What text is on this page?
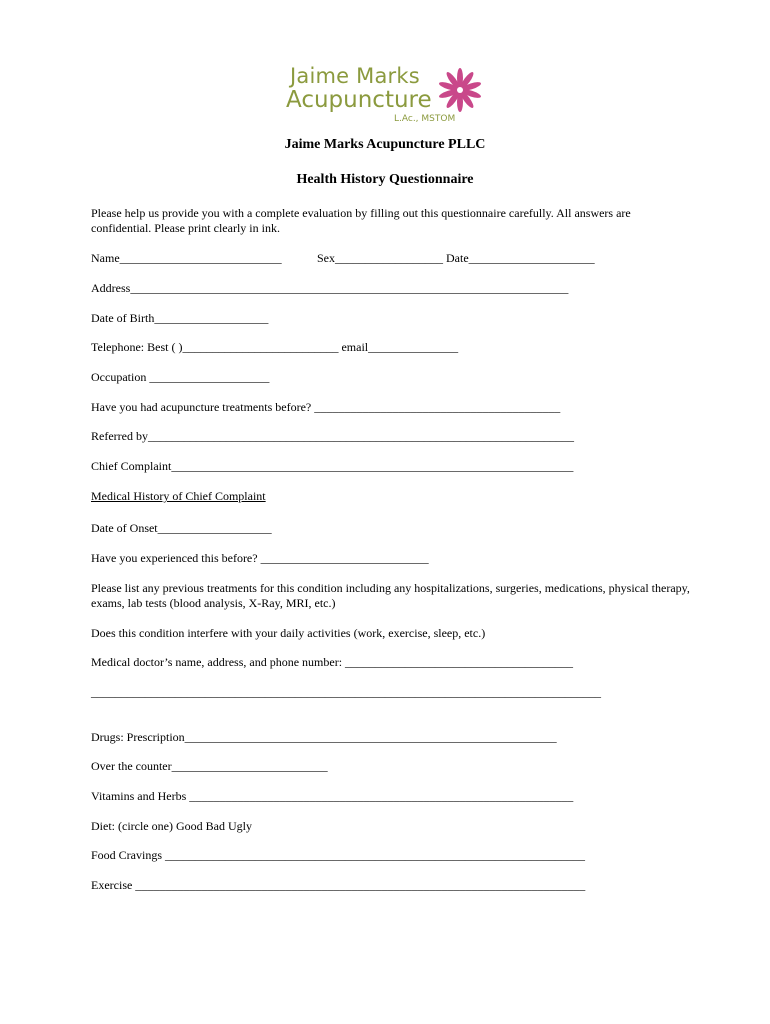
Jaime Marks
Acupuncture
L.Ac., MSTOM
Jaime Marks Acupuncture PLLC
Health History Questionnaire
Please help us provide you with a complete evaluation by filling out this questionnaire carefully. All answers are confidential. Please print clearly in ink.
Name___________________________	Sex__________________ Date_____________________
Address_________________________________________________________________________
Date of Birth___________________
Telephone: Best ( )__________________________ email_______________
Occupation ____________________
Have you had acupuncture treatments before? _________________________________________
Referred by_______________________________________________________________________
Chief Complaint___________________________________________________________________
Medical History of Chief Complaint
Date of Onset___________________
Have you experienced this before? ____________________________
Please list any previous treatments for this condition including any hospitalizations, surgeries, medications, physical therapy, exams, lab tests (blood analysis, X-Ray, MRI, etc.)
Does this condition interfere with your daily activities (work, exercise, sleep, etc.)
Medical doctor’s name, address, and phone number: ______________________________________
_____________________________________________________________________________________
Drugs: Prescription______________________________________________________________
Over the counter__________________________
Vitamins and Herbs ________________________________________________________________
Diet: (circle one) Good Bad Ugly
Food Cravings ______________________________________________________________________
Exercise ___________________________________________________________________________
